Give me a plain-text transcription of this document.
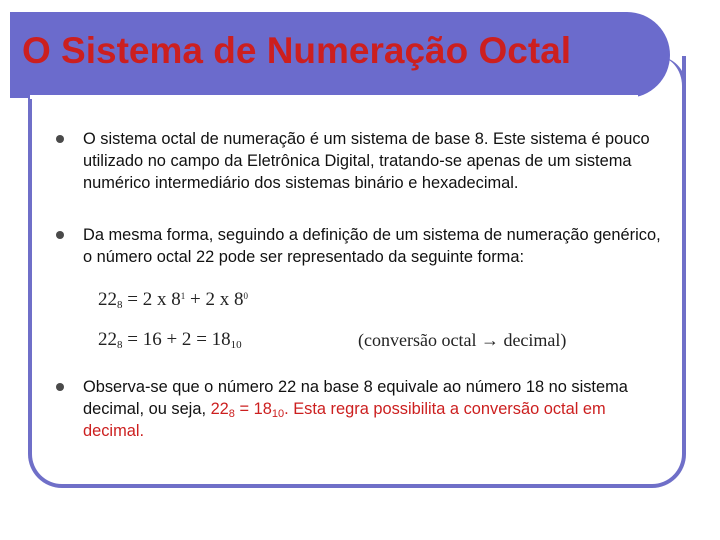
O Sistema de Numeração Octal
O sistema octal de numeração é um sistema de base 8. Este sistema é pouco utilizado no campo da Eletrônica Digital, tratando-se apenas de um sistema numérico intermediário dos sistemas binário e hexadecimal.
Da mesma forma, seguindo a definição de um sistema de numeração genérico, o número octal 22 pode ser representado da seguinte forma:
Observa-se que o número 22 na base 8 equivale ao número 18 no sistema decimal, ou seja, $22_8 = 18_{10}$. Esta regra possibilita a conversão octal em decimal.
$22_8 = 2$ x $8^1 + 2$ x $8^0$
$22_8 = 16 + 2 = 18_{10}$	(conversão octal → decimal)
